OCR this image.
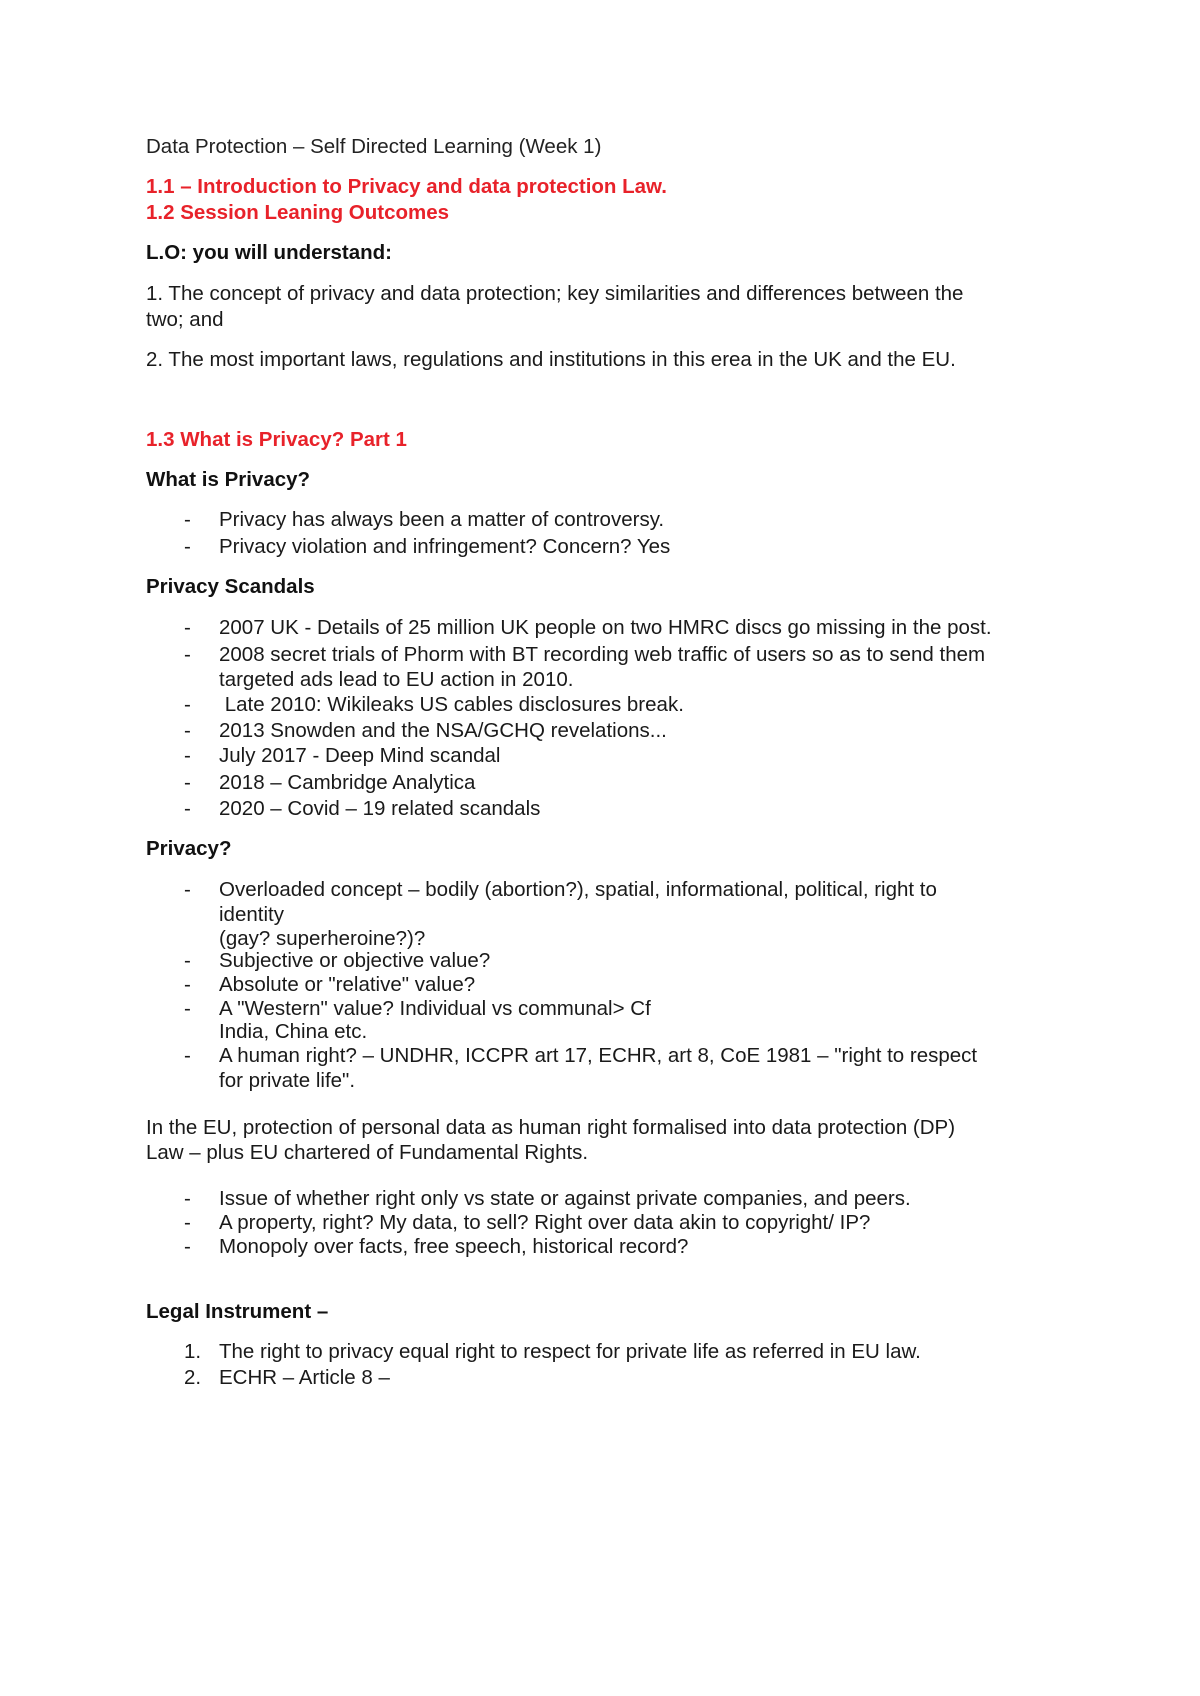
Data Protection – Self Directed Learning (Week 1)

1.1 – Introduction to Privacy and data protection Law.

1.2 Session Leaning Outcomes

L.O: you will understand:

1. The concept of privacy and data protection; key similarities and differences between the

two; and

2. The most important laws, regulations and institutions in this erea in the UK and the EU.

1.3 What is Privacy? Part 1

What is Privacy?

- Privacy has always been a matter of controversy.
- Privacy violation and infringement? Concern? Yes

Privacy Scandals

- 2007 UK - Details of 25 million UK people on two HMRC discs go missing in the post.
- 2008 secret trials of Phorm with BT recording web traffic of users so as to send them
targeted ads lead to EU action in 2010.
- Late 2010: Wikileaks US cables disclosures break.
- 2013 Snowden and the NSA/GCHQ revelations...
- July 2017 - Deep Mind scandal
- 2018 – Cambridge Analytica
- 2020 – Covid – 19 related scandals

Privacy?

- Overloaded concept – bodily (abortion?), spatial, informational, political, right to
identity
(gay? superheroine?)?
- Subjective or objective value?
- Absolute or "relative" value?
- A "Western" value? Individual vs communal> Cf
India, China etc.
- A human right? – UNDHR, ICCPR art 17, ECHR, art 8, CoE 1981 – "right to respect
for private life".

In the EU, protection of personal data as human right formalised into data protection (DP)

Law – plus EU chartered of Fundamental Rights.

- Issue of whether right only vs state or against private companies, and peers.
- A property, right? My data, to sell? Right over data akin to copyright/ IP?
- Monopoly over facts, free speech, historical record?

Legal Instrument –

1. The right to privacy equal right to respect for private life as referred in EU law.
2. ECHR – Article 8 –
